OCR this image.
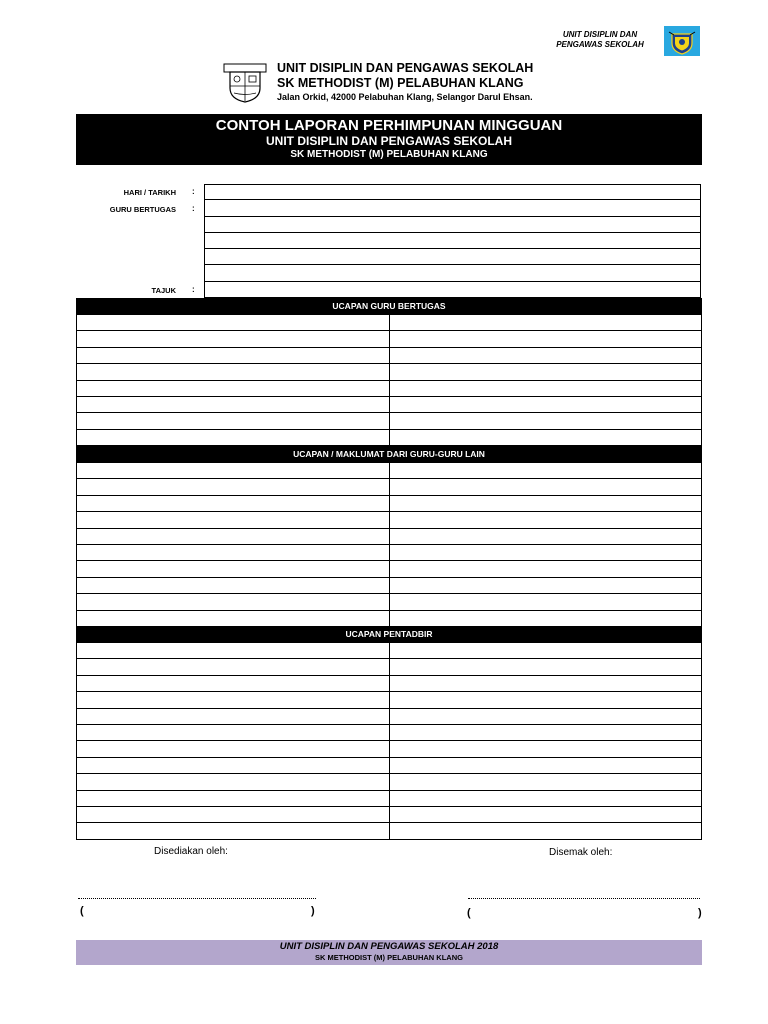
UNIT DISIPLIN DAN
PENGAWAS SEKOLAH
UNIT DISIPLIN DAN PENGAWAS SEKOLAH
SK METHODIST (M) PELABUHAN KLANG
Jalan Orkid, 42000 Pelabuhan Klang, Selangor Darul Ehsan.
CONTOH LAPORAN PERHIMPUNAN MINGGUAN
UNIT DISIPLIN DAN PENGAWAS SEKOLAH
SK METHODIST (M) PELABUHAN KLANG
HARI / TARIKH :
GURU BERTUGAS :
TAJUK :
UCAPAN GURU BERTUGAS
UCAPAN / MAKLUMAT DARI GURU-GURU LAIN
UCAPAN PENTADBIR
Disediakan oleh:	Disemak oleh:
(	)	(	)
UNIT DISIPLIN DAN PENGAWAS SEKOLAH 2018
SK METHODIST (M) PELABUHAN KLANG
